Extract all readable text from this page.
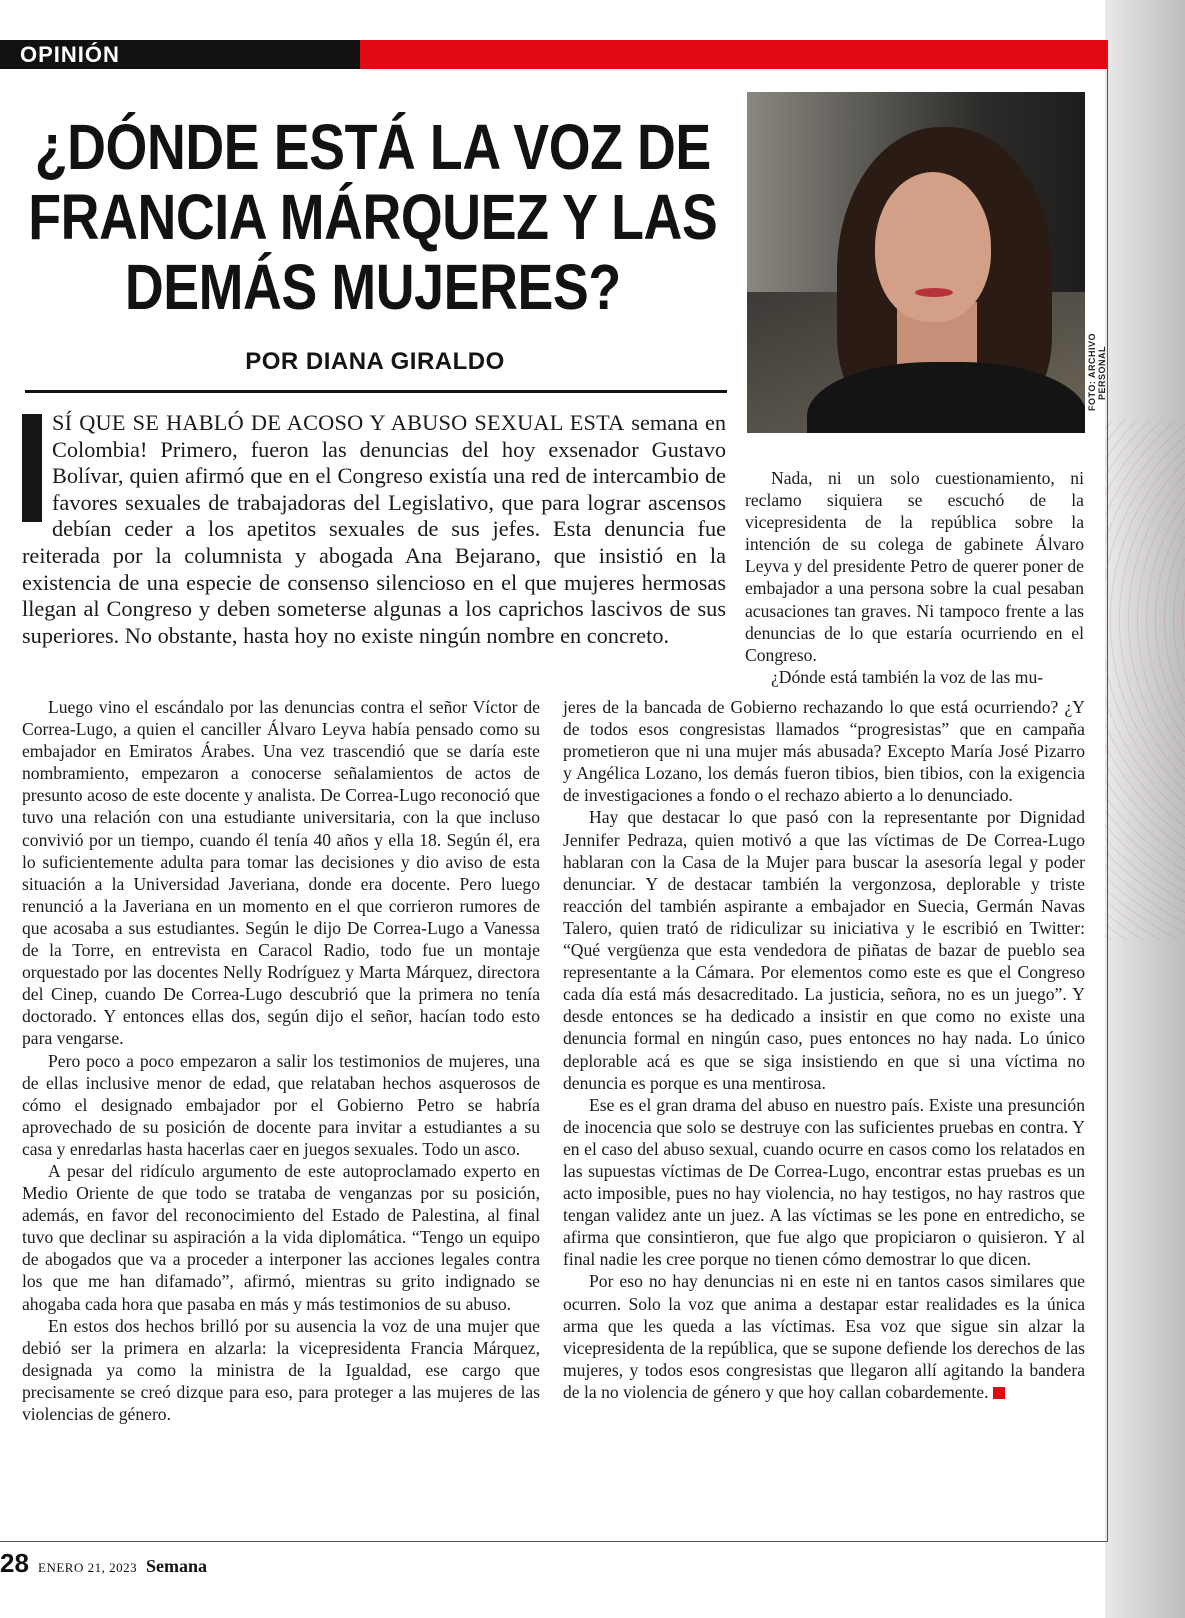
OPINIÓN
¿DÓNDE ESTÁ LA VOZ DE FRANCIA MÁRQUEZ Y LAS DEMÁS MUJERES?
POR DIANA GIRALDO	FOTO: ARCHIVO PERSONAL
SÍ QUE SE HABLÓ DE ACOSO Y ABUSO SEXUAL ESTA semana en Colombia! Primero, fueron las denuncias del hoy exsenador Gustavo Bolívar, quien afirmó que en el Congreso existía una red de intercambio de favores sexuales de trabajadoras del Legislativo, que para lograr ascensos debían ceder a los apetitos sexuales de sus jefes. Esta denuncia fue reiterada por la columnista y abogada Ana Bejarano, que insistió en la existencia de una especie de consenso silencioso en el que mujeres hermosas llegan al Congreso y deben someterse algunas a los caprichos lascivos de sus superiores. No obstante, hasta hoy no existe ningún nombre en concreto.

Nada, ni un solo cuestionamiento, ni reclamo siquiera se escuchó de la vicepresidenta de la república sobre la intención de su colega de gabinete Álvaro Leyva y del presidente Petro de querer poner de embajador a una persona sobre la cual pesaban acusaciones tan graves. Ni tampoco frente a las denuncias de lo que estaría ocurriendo en el Congreso.

¿Dónde está también la voz de las mu-

Luego vino el escándalo por las denuncias contra el señor Víctor de Correa-Lugo, a quien el canciller Álvaro Leyva había pensado como su embajador en Emiratos Árabes. Una vez trascendió que se daría este nombramiento, empezaron a conocerse señalamientos de actos de presunto acoso de este docente y analista. De Correa-Lugo reconoció que tuvo una relación con una estudiante universitaria, con la que incluso convivió por un tiempo, cuando él tenía 40 años y ella 18. Según él, era lo suficientemente adulta para tomar las decisiones y dio aviso de esta situación a la Universidad Javeriana, donde era docente. Pero luego renunció a la Javeriana en un momento en el que corrieron rumores de que acosaba a sus estudiantes. Según le dijo De Correa-Lugo a Vanessa de la Torre, en entrevista en Caracol Radio, todo fue un montaje orquestado por las docentes Nelly Rodríguez y Marta Márquez, directora del Cinep, cuando De Correa-Lugo descubrió que la primera no tenía doctorado. Y entonces ellas dos, según dijo el señor, hacían todo esto para vengarse.

Pero poco a poco empezaron a salir los testimonios de mujeres, una de ellas inclusive menor de edad, que relataban hechos asquerosos de cómo el designado embajador por el Gobierno Petro se habría aprovechado de su posición de docente para invitar a estudiantes a su casa y enredarlas hasta hacerlas caer en juegos sexuales. Todo un asco.

A pesar del ridículo argumento de este autoproclamado experto en Medio Oriente de que todo se trataba de venganzas por su posición, además, en favor del reconocimiento del Estado de Palestina, al final tuvo que declinar su aspiración a la vida diplomática. “Tengo un equipo de abogados que va a proceder a interponer las acciones legales contra los que me han difamado”, afirmó, mientras su grito indignado se ahogaba cada hora que pasaba en más y más testimonios de su abuso.

En estos dos hechos brilló por su ausencia la voz de una mujer que debió ser la primera en alzarla: la vicepresidenta Francia Márquez, designada ya como la ministra de la Igualdad, ese cargo que precisamente se creó dizque para eso, para proteger a las mujeres de las violencias de género.

jeres de la bancada de Gobierno rechazando lo que está ocurriendo? ¿Y de todos esos congresistas llamados “progresistas” que en campaña prometieron que ni una mujer más abusada? Excepto María José Pizarro y Angélica Lozano, los demás fueron tibios, bien tibios, con la exigencia de investigaciones a fondo o el rechazo abierto a lo denunciado.

Hay que destacar lo que pasó con la representante por Dignidad Jennifer Pedraza, quien motivó a que las víctimas de De Correa-Lugo hablaran con la Casa de la Mujer para buscar la asesoría legal y poder denunciar. Y de destacar también la vergonzosa, deplorable y triste reacción del también aspirante a embajador en Suecia, Germán Navas Talero, quien trató de ridiculizar su iniciativa y le escribió en Twitter: “Qué vergüenza que esta vendedora de piñatas de bazar de pueblo sea representante a la Cámara. Por elementos como este es que el Congreso cada día está más desacreditado. La justicia, señora, no es un juego”. Y desde entonces se ha dedicado a insistir en que como no existe una denuncia formal en ningún caso, pues entonces no hay nada. Lo único deplorable acá es que se siga insistiendo en que si una víctima no denuncia es porque es una mentirosa.

Ese es el gran drama del abuso en nuestro país. Existe una presunción de inocencia que solo se destruye con las suficientes pruebas en contra. Y en el caso del abuso sexual, cuando ocurre en casos como los relatados en las supuestas víctimas de De Correa-Lugo, encontrar estas pruebas es un acto imposible, pues no hay violencia, no hay testigos, no hay rastros que tengan validez ante un juez. A las víctimas se les pone en entredicho, se afirma que consintieron, que fue algo que propiciaron o quisieron. Y al final nadie les cree porque no tienen cómo demostrar lo que dicen.

Por eso no hay denuncias ni en este ni en tantos casos similares que ocurren. Solo la voz que anima a destapar estar realidades es la única arma que les queda a las víctimas. Esa voz que sigue sin alzar la vicepresidenta de la república, que se supone defiende los derechos de las mujeres, y todos esos congresistas que llegaron allí agitando la bandera de la no violencia de género y que hoy callan cobardemente.

28 ENERO 21, 2023 Semana
